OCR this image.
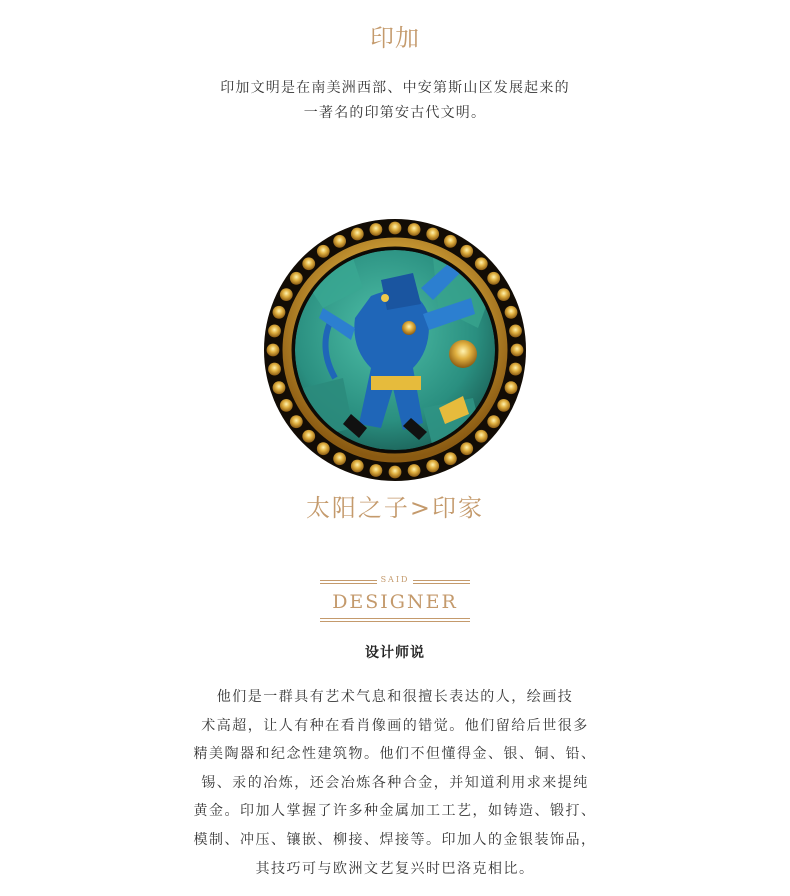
印加
印加文明是在南美洲西部、中安第斯山区发展起来的
一著名的印第安古代文明。
太阳之子>印家
SAID
DESIGNER
设计师说
他们是一群具有艺术气息和很擅长表达的人，绘画技
术高超，让人有种在看肖像画的错觉。他们留给后世很多
精美陶器和纪念性建筑物。他们不但懂得金、银、铜、铅、
锡、汞的冶炼，还会冶炼各种合金，并知道利用求来提纯
黄金。印加人掌握了许多种金属加工工艺，如铸造、锻打、
模制、冲压、镶嵌、柳接、焊接等。印加人的金银装饰品，
其技巧可与欧洲文艺复兴时巴洛克相比。
